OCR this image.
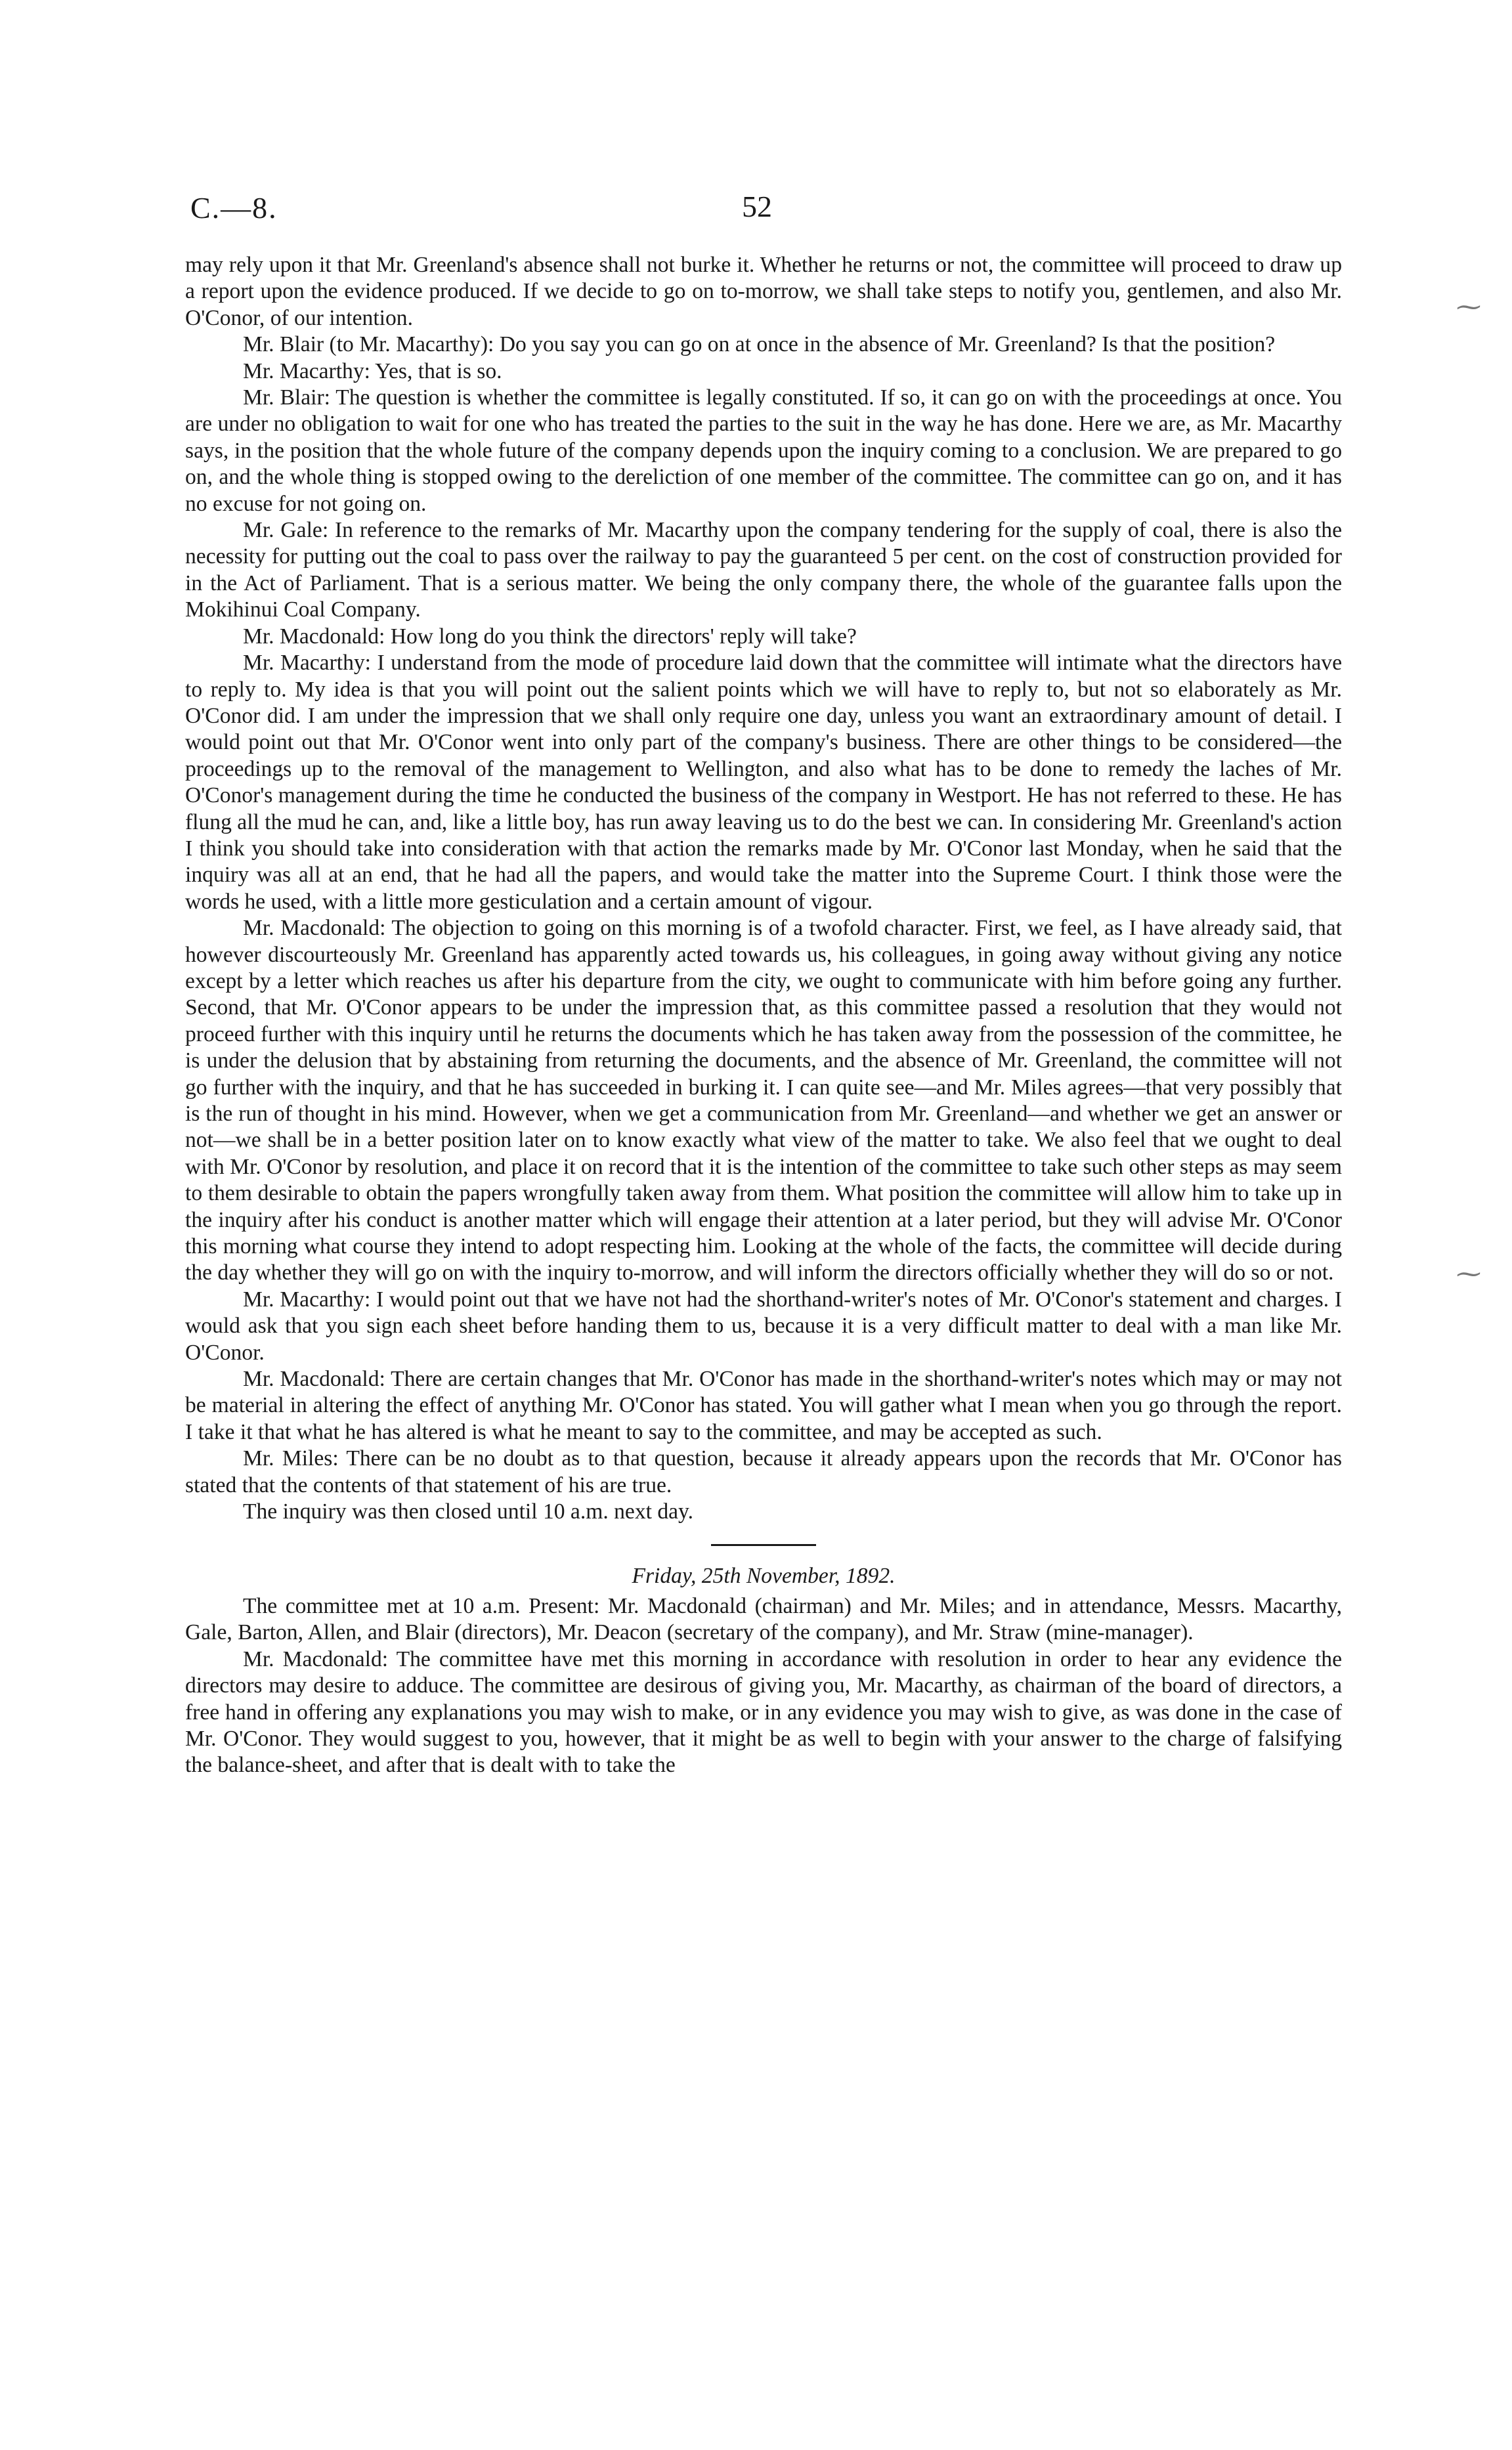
C.—8.	52
⁓
⁓

may rely upon it that Mr. Greenland's absence shall not burke it. Whether he returns or not, the committee will proceed to draw up a report upon the evidence produced. If we decide to go on to-morrow, we shall take steps to notify you, gentlemen, and also Mr. O'Conor, of our intention.

Mr. Blair (to Mr. Macarthy): Do you say you can go on at once in the absence of Mr. Greenland? Is that the position?

Mr. Macarthy: Yes, that is so.

Mr. Blair: The question is whether the committee is legally constituted. If so, it can go on with the proceedings at once. You are under no obligation to wait for one who has treated the parties to the suit in the way he has done. Here we are, as Mr. Macarthy says, in the position that the whole future of the company depends upon the inquiry coming to a conclusion. We are prepared to go on, and the whole thing is stopped owing to the dereliction of one member of the committee. The committee can go on, and it has no excuse for not going on.

Mr. Gale: In reference to the remarks of Mr. Macarthy upon the company tendering for the supply of coal, there is also the necessity for putting out the coal to pass over the railway to pay the guaranteed 5 per cent. on the cost of construction provided for in the Act of Parliament. That is a serious matter. We being the only company there, the whole of the guarantee falls upon the Mokihinui Coal Company.

Mr. Macdonald: How long do you think the directors' reply will take?

Mr. Macarthy: I understand from the mode of procedure laid down that the committee will intimate what the directors have to reply to. My idea is that you will point out the salient points which we will have to reply to, but not so elaborately as Mr. O'Conor did. I am under the impression that we shall only require one day, unless you want an extraordinary amount of detail. I would point out that Mr. O'Conor went into only part of the company's business. There are other things to be considered—the proceedings up to the removal of the management to Wellington, and also what has to be done to remedy the laches of Mr. O'Conor's management during the time he conducted the business of the company in Westport. He has not referred to these. He has flung all the mud he can, and, like a little boy, has run away leaving us to do the best we can. In considering Mr. Greenland's action I think you should take into consideration with that action the remarks made by Mr. O'Conor last Monday, when he said that the inquiry was all at an end, that he had all the papers, and would take the matter into the Supreme Court. I think those were the words he used, with a little more gesticulation and a certain amount of vigour.

Mr. Macdonald: The objection to going on this morning is of a twofold character. First, we feel, as I have already said, that however discourteously Mr. Greenland has apparently acted towards us, his colleagues, in going away without giving any notice except by a letter which reaches us after his departure from the city, we ought to communicate with him before going any further. Second, that Mr. O'Conor appears to be under the impression that, as this committee passed a resolution that they would not proceed further with this inquiry until he returns the documents which he has taken away from the possession of the committee, he is under the delusion that by abstaining from returning the documents, and the absence of Mr. Greenland, the committee will not go further with the inquiry, and that he has succeeded in burking it. I can quite see—and Mr. Miles agrees—that very possibly that is the run of thought in his mind. However, when we get a communication from Mr. Greenland—and whether we get an answer or not—we shall be in a better position later on to know exactly what view of the matter to take. We also feel that we ought to deal with Mr. O'Conor by resolution, and place it on record that it is the intention of the committee to take such other steps as may seem to them desirable to obtain the papers wrongfully taken away from them. What position the committee will allow him to take up in the inquiry after his conduct is another matter which will engage their attention at a later period, but they will advise Mr. O'Conor this morning what course they intend to adopt respecting him. Looking at the whole of the facts, the committee will decide during the day whether they will go on with the inquiry to-morrow, and will inform the directors officially whether they will do so or not.

Mr. Macarthy: I would point out that we have not had the shorthand-writer's notes of Mr. O'Conor's statement and charges. I would ask that you sign each sheet before handing them to us, because it is a very difficult matter to deal with a man like Mr. O'Conor.

Mr. Macdonald: There are certain changes that Mr. O'Conor has made in the shorthand-writer's notes which may or may not be material in altering the effect of anything Mr. O'Conor has stated. You will gather what I mean when you go through the report. I take it that what he has altered is what he meant to say to the committee, and may be accepted as such.

Mr. Miles: There can be no doubt as to that question, because it already appears upon the records that Mr. O'Conor has stated that the contents of that statement of his are true.

The inquiry was then closed until 10 a.m. next day.

Friday, 25th November, 1892.

The committee met at 10 a.m. Present: Mr. Macdonald (chairman) and Mr. Miles; and in attendance, Messrs. Macarthy, Gale, Barton, Allen, and Blair (directors), Mr. Deacon (secretary of the company), and Mr. Straw (mine-manager).

Mr. Macdonald: The committee have met this morning in accordance with resolution in order to hear any evidence the directors may desire to adduce. The committee are desirous of giving you, Mr. Macarthy, as chairman of the board of directors, a free hand in offering any explanations you may wish to make, or in any evidence you may wish to give, as was done in the case of Mr. O'Conor. They would suggest to you, however, that it might be as well to begin with your answer to the charge of falsifying the balance-sheet, and after that is dealt with to take the
